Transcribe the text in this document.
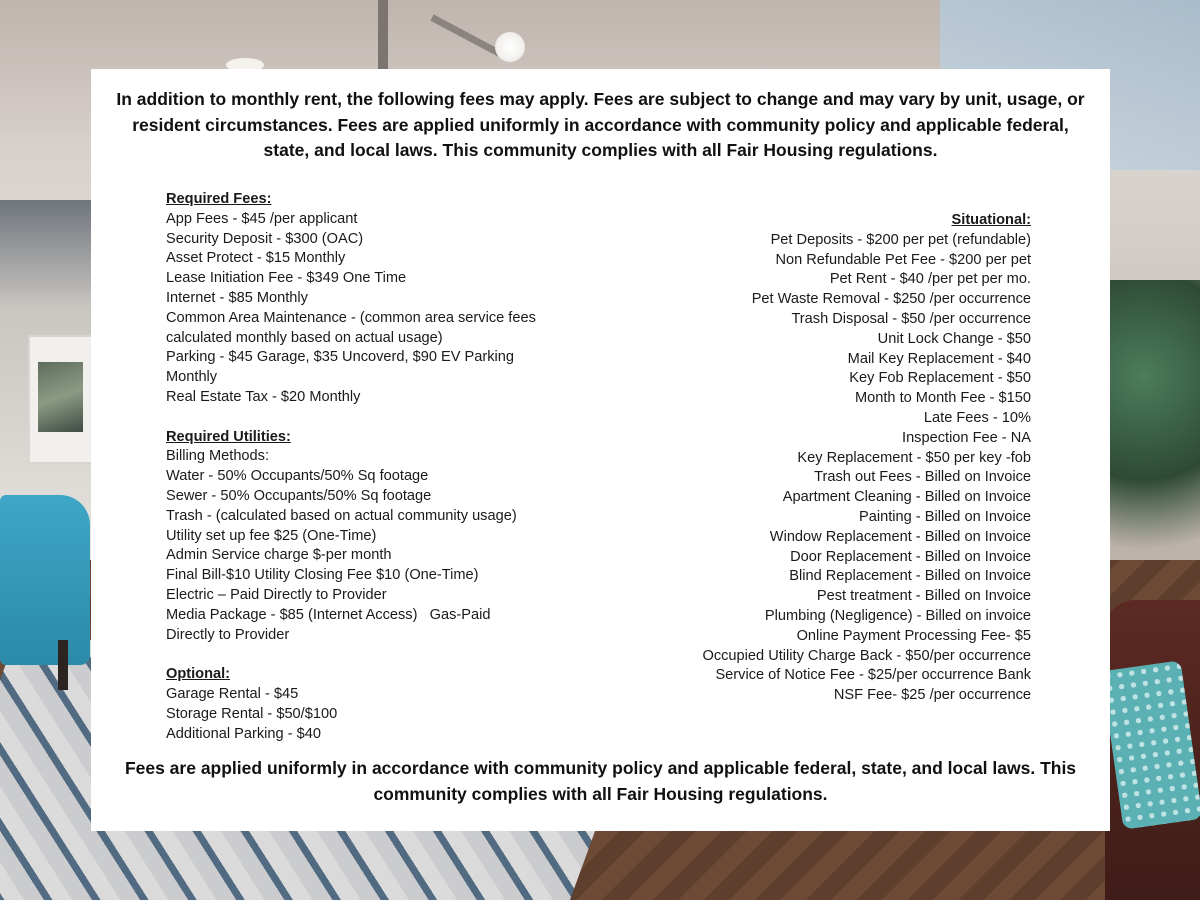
In addition to monthly rent, the following fees may apply. Fees are subject to change and may vary by unit, usage, or resident circumstances. Fees are applied uniformly in accordance with community policy and applicable federal, state, and local laws. This community complies with all Fair Housing regulations.
Required Fees:
App Fees - $45 /per applicant
Security Deposit - $300 (OAC)
Asset Protect - $15 Monthly
Lease Initiation Fee - $349 One Time
Internet - $85 Monthly
Common Area Maintenance - (common area service fees calculated monthly based on actual usage)
Parking - $45 Garage, $35 Uncoverd, $90 EV Parking Monthly
Real Estate Tax - $20 Monthly
Required Utilities:
Billing Methods:
Water - 50% Occupants/50% Sq footage
Sewer - 50% Occupants/50% Sq footage
Trash - (calculated based on actual community usage)
Utility set up fee $25 (One-Time)
Admin Service charge $-per month
Final Bill-$10 Utility Closing Fee $10 (One-Time)
Electric – Paid Directly to Provider
Media Package - $85 (Internet Access)   Gas-Paid Directly to Provider
Optional:
Garage Rental - $45
Storage Rental - $50/$100
Additional Parking - $40
Situational:
Pet Deposits - $200 per pet (refundable)
Non Refundable Pet Fee - $200 per pet
Pet Rent - $40 /per pet per mo.
Pet Waste Removal - $250 /per occurrence
Trash Disposal - $50 /per occurrence
Unit Lock Change - $50
Mail Key Replacement - $40
Key Fob Replacement - $50
Month to Month Fee - $150
Late Fees - 10%
Inspection Fee - NA
Key Replacement - $50 per key -fob
Trash out Fees - Billed on Invoice
Apartment Cleaning - Billed on Invoice
Painting - Billed on Invoice
Window Replacement - Billed on Invoice
Door Replacement - Billed on Invoice
Blind Replacement - Billed on Invoice
Pest treatment - Billed on Invoice
Plumbing (Negligence) - Billed on invoice
Online Payment Processing Fee- $5
Occupied Utility Charge Back - $50/per occurrence
Service of Notice Fee - $25/per occurrence Bank
NSF Fee- $25 /per occurrence
Fees are applied uniformly in accordance with community policy and applicable federal, state, and local laws. This community complies with all Fair Housing regulations.
